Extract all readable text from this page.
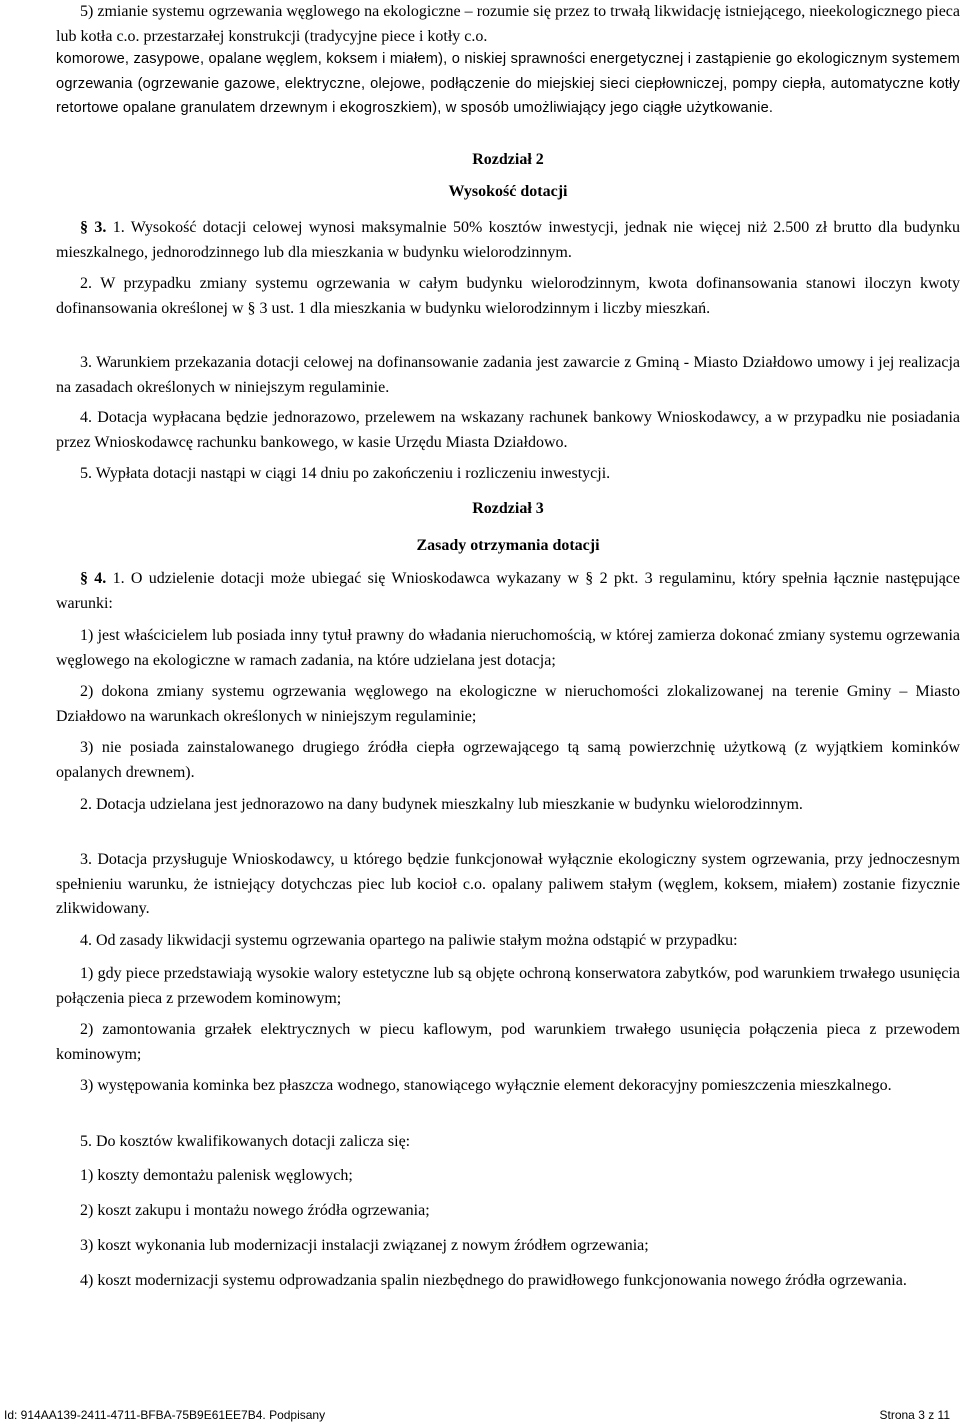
5) zmianie systemu ogrzewania węglowego na ekologiczne – rozumie się przez to trwałą likwidację istniejącego, nieekologicznego pieca lub kotła c.o. przestarzałej konstrukcji (tradycyjne piece i kotły c.o.

komorowe, zasypowe, opalane węglem, koksem i miałem), o niskiej sprawności energetycznej i zastąpienie go ekologicznym systemem ogrzewania (ogrzewanie gazowe, elektryczne, olejowe, podłączenie do miejskiej sieci ciepłowniczej, pompy ciepła, automatyczne kotły retortowe opalane granulatem drzewnym i ekogroszkiem), w sposób umożliwiający jego ciągłe użytkowanie.
Rozdział 2
Wysokość dotacji

§ 3. 1. Wysokość dotacji celowej wynosi maksymalnie 50% kosztów inwestycji, jednak nie więcej niż 2.500 zł brutto dla budynku mieszkalnego, jednorodzinnego lub dla mieszkania w budynku wielorodzinnym.

2. W przypadku zmiany systemu ogrzewania w całym budynku wielorodzinnym, kwota dofinansowania stanowi iloczyn kwoty dofinansowania określonej w § 3 ust. 1 dla mieszkania w budynku wielorodzinnym i liczby mieszkań.

3. Warunkiem przekazania dotacji celowej na dofinansowanie zadania jest zawarcie z Gminą - Miasto Działdowo umowy i jej realizacja na zasadach określonych w niniejszym regulaminie.

4. Dotacja wypłacana będzie jednorazowo, przelewem na wskazany rachunek bankowy Wnioskodawcy, a w przypadku nie posiadania przez Wnioskodawcę rachunku bankowego, w kasie Urzędu Miasta Działdowo.

5. Wypłata dotacji nastąpi w ciągi 14 dniu po zakończeniu i rozliczeniu inwestycji.

Rozdział 3
Zasady otrzymania dotacji

§ 4. 1. O udzielenie dotacji może ubiegać się Wnioskodawca wykazany w § 2 pkt. 3 regulaminu, który spełnia łącznie następujące warunki:

1) jest właścicielem lub posiada inny tytuł prawny do władania nieruchomością, w której zamierza dokonać zmiany systemu ogrzewania węglowego na ekologiczne w ramach zadania, na które udzielana jest dotacja;

2) dokona zmiany systemu ogrzewania węglowego na ekologiczne w nieruchomości zlokalizowanej na terenie Gminy – Miasto Działdowo na warunkach określonych w niniejszym regulaminie;

3) nie posiada zainstalowanego drugiego źródła ciepła ogrzewającego tą samą powierzchnię użytkową (z wyjątkiem kominków opalanych drewnem).

2. Dotacja udzielana jest jednorazowo na dany budynek mieszkalny lub mieszkanie w budynku wielorodzinnym.

3. Dotacja przysługuje Wnioskodawcy, u którego będzie funkcjonował wyłącznie ekologiczny system ogrzewania, przy jednoczesnym spełnieniu warunku, że istniejący dotychczas piec lub kocioł c.o. opalany paliwem stałym (węglem, koksem, miałem) zostanie fizycznie zlikwidowany.

4. Od zasady likwidacji systemu ogrzewania opartego na paliwie stałym można odstąpić w przypadku:

1) gdy piece przedstawiają wysokie walory estetyczne lub są objęte ochroną konserwatora zabytków, pod warunkiem trwałego usunięcia połączenia pieca z przewodem kominowym;

2) zamontowania grzałek elektrycznych w piecu kaflowym, pod warunkiem trwałego usunięcia połączenia pieca z przewodem kominowym;

3) występowania kominka bez płaszcza wodnego, stanowiącego wyłącznie element dekoracyjny pomieszczenia mieszkalnego.

5. Do kosztów kwalifikowanych dotacji zalicza się:

1) koszty demontażu palenisk węglowych;

2) koszt zakupu i montażu nowego źródła ogrzewania;

3) koszt wykonania lub modernizacji instalacji związanej z nowym źródłem ogrzewania;

4) koszt modernizacji systemu odprowadzania spalin niezbędnego do prawidłowego funkcjonowania nowego źródła ogrzewania.

Id: 914AA139-2411-4711-BFBA-75B9E61EE7B4. Podpisany	Strona 3 z 11
